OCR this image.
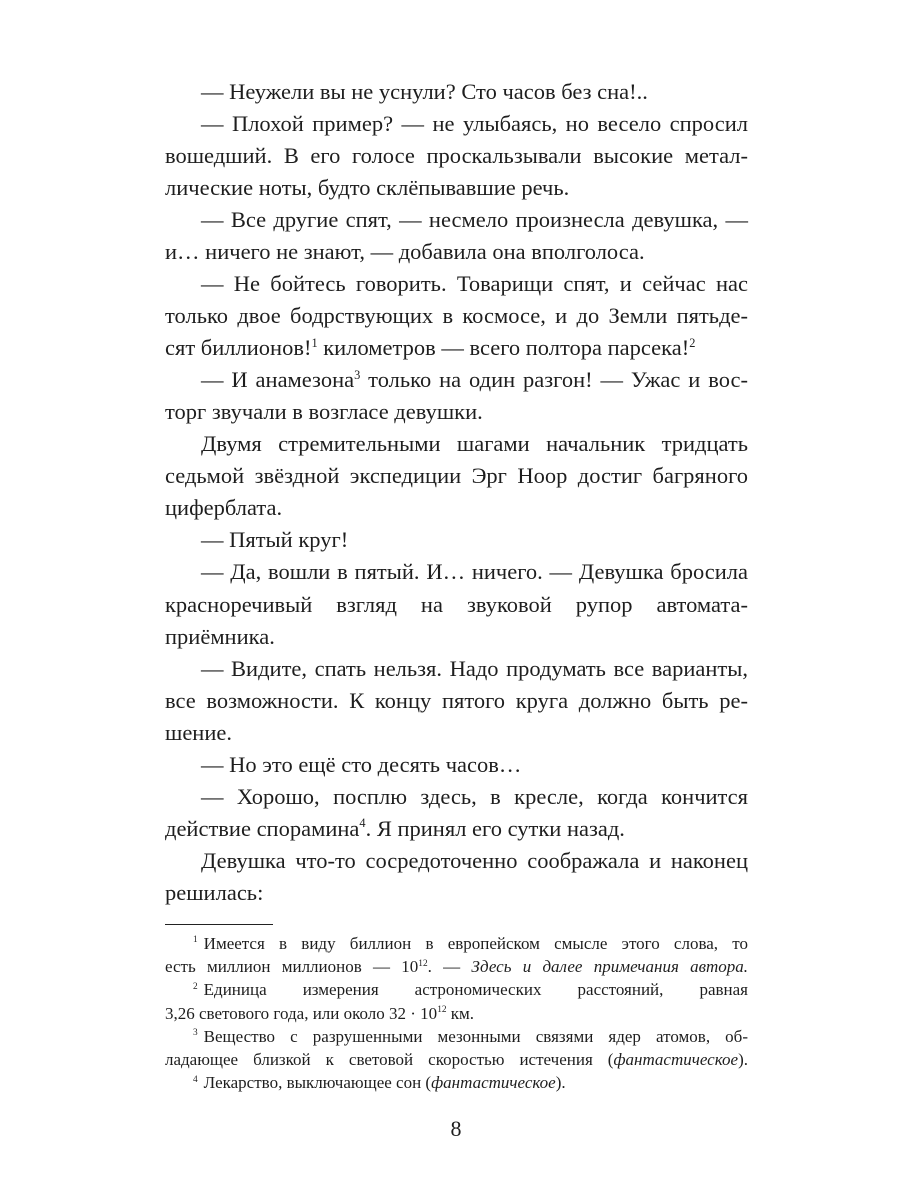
— Неужели вы не уснули? Сто часов без сна!..
— Плохой пример? — не улыбаясь, но весело спросил
вошедший. В его голосе проскальзывали высокие метал-
лические ноты, будто склёпывавшие речь.
— Все другие спят, — несмело произнесла девушка, —
и… ничего не знают, — добавила она вполголоса.
— Не бойтесь говорить. Товарищи спят, и сейчас нас
только двое бодрствующих в космосе, и до Земли пятьде-
сят биллионов!$^1$ километров — всего полтора парсека!$^2$
— И анамезона$^3$ только на один разгон! — Ужас и вос-
торг звучали в возгласе девушки.
Двумя стремительными шагами начальник тридцать
седьмой звёздной экспедиции Эрг Ноор достиг багряного
циферблата.
— Пятый круг!
— Да, вошли в пятый. И… ничего. — Девушка бросила
красноречивый взгляд на звуковой рупор автомата-
приёмника.
— Видите, спать нельзя. Надо продумать все варианты,
все возможности. К концу пятого круга должно быть ре-
шение.
— Но это ещё сто десять часов…
— Хорошо, посплю здесь, в кресле, когда кончится
действие спорамина$^4$. Я принял его сутки назад.
Девушка что-то сосредоточенно соображала и наконец
решилась:
$^1$ Имеется в виду биллион в европейском смысле этого слова, то
есть миллион миллионов — $10^{12}$. — Здесь и далее примечания автора.
$^2$ Единица измерения астрономических расстояний, равная
3,26 светового года, или около $32 \cdot 10^{12}$ км.
$^3$ Вещество с разрушенными мезонными связями ядер атомов, об-
ладающее близкой к световой скоростью истечения (фантастическое).
$^4$ Лекарство, выключающее сон (фантастическое).
8
